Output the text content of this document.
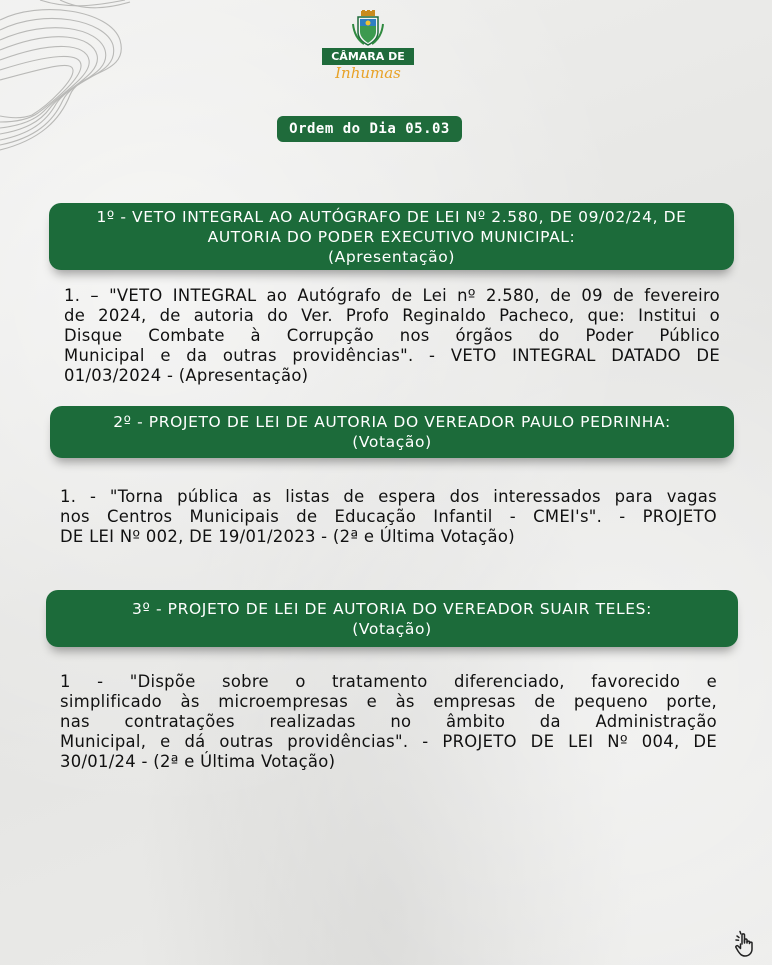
CÂMARA DE
Inhumas
Ordem do Dia 05.03
1º - VETO INTEGRAL AO AUTÓGRAFO DE LEI Nº 2.580, DE 09/02/24, DE
AUTORIA DO PODER EXECUTIVO MUNICIPAL:
(Apresentação)
1. – "VETO INTEGRAL ao Autógrafo de Lei nº 2.580, de 09 de fevereiro
de 2024, de autoria do Ver. Profo Reginaldo Pacheco, que: Institui o
Disque Combate à Corrupção nos órgãos do Poder Público
Municipal e da outras providências". - VETO INTEGRAL DATADO DE
01/03/2024 - (Apresentação)
2º - PROJETO DE LEI DE AUTORIA DO VEREADOR PAULO PEDRINHA:
(Votação)
1. - "Torna pública as listas de espera dos interessados para vagas
nos Centros Municipais de Educação Infantil - CMEI's". - PROJETO
DE LEI Nº 002, DE 19/01/2023 - (2ª e Última Votação)
3º - PROJETO DE LEI DE AUTORIA DO VEREADOR SUAIR TELES:
(Votação)
1 - "Dispõe sobre o tratamento diferenciado, favorecido e
simplificado às microempresas e às empresas de pequeno porte,
nas contratações realizadas no âmbito da Administração
Municipal, e dá outras providências". - PROJETO DE LEI Nº 004, DE
30/01/24 - (2ª e Última Votação)
